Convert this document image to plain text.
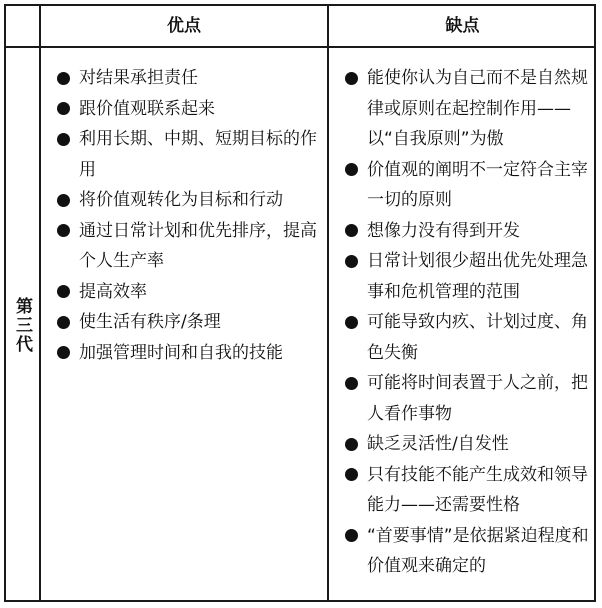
优点	缺点
第三代
对结果承担责任
跟价值观联系起来
利用长期、中期、短期目标的作用
将价值观转化为目标和行动
通过日常计划和优先排序，提高个人生产率
提高效率
使生活有秩序/条理
加强管理时间和自我的技能
能使你认为自己而不是自然规律或原则在起控制作用——以“自我原则”为傲
价值观的阐明不一定符合主宰一切的原则
想像力没有得到开发
日常计划很少超出优先处理急事和危机管理的范围
可能导致内疚、计划过度、角色失衡
可能将时间表置于人之前，把人看作事物
缺乏灵活性/自发性
只有技能不能产生成效和领导能力——还需要性格
“首要事情”是依据紧迫程度和价值观来确定的
